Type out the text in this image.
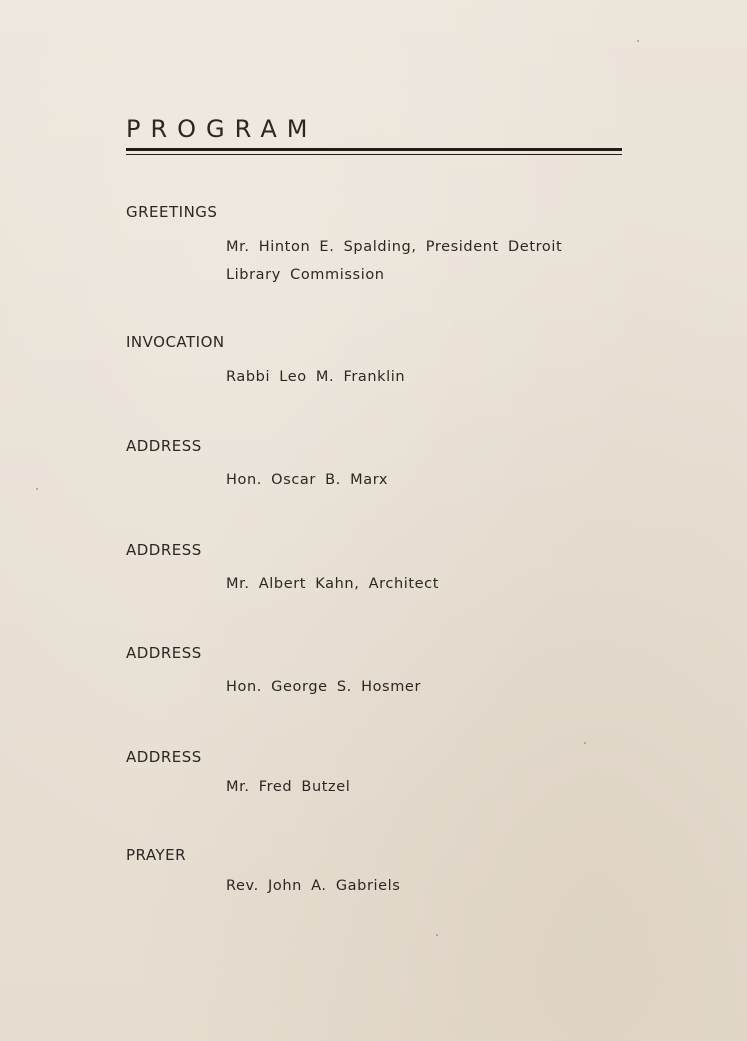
PROGRAM
GREETINGS
Mr. Hinton E. Spalding, President Detroit Library Commission
INVOCATION
Rabbi Leo M. Franklin
ADDRESS
Hon. Oscar B. Marx
ADDRESS
Mr. Albert Kahn, Architect
ADDRESS
Hon. George S. Hosmer
ADDRESS
Mr. Fred Butzel
PRAYER
Rev. John A. Gabriels
